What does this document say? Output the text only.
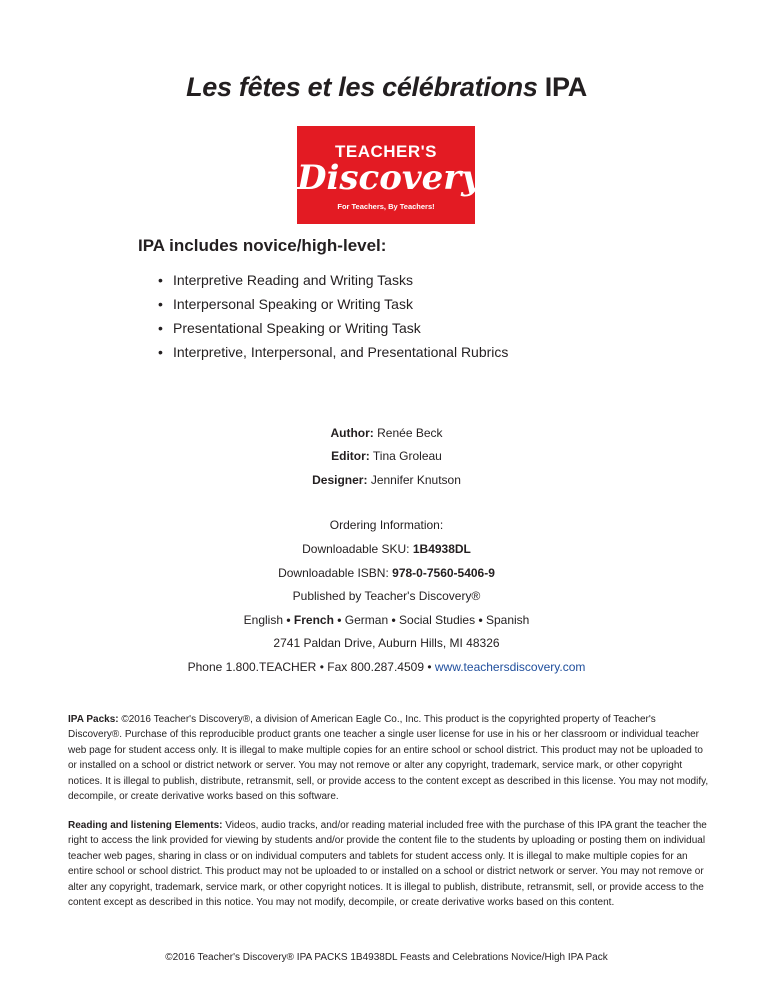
Les fêtes et les célébrations IPA
TEACHER'S
Discovery
For Teachers, By Teachers!
IPA includes novice/high-level:
• Interpretive Reading and Writing Tasks
• Interpersonal Speaking or Writing Task
• Presentational Speaking or Writing Task
• Interpretive, Interpersonal, and Presentational Rubrics
Author: Renée Beck
Editor: Tina Groleau
Designer: Jennifer Knutson
Ordering Information:
Downloadable SKU: 1B4938DL
Downloadable ISBN: 978-0-7560-5406-9
Published by Teacher's Discovery®
English • French • German • Social Studies • Spanish
2741 Paldan Drive, Auburn Hills, MI 48326
Phone 1.800.TEACHER • Fax 800.287.4509 • www.teachersdiscovery.com
IPA Packs: ©2016 Teacher's Discovery®, a division of American Eagle Co., Inc. This product is the copyrighted property of Teacher's Discovery®. Purchase of this reproducible product grants one teacher a single user license for use in his or her classroom or individual teacher web page for student access only. It is illegal to make multiple copies for an entire school or school district. This product may not be uploaded to or installed on a school or district network or server. You may not remove or alter any copyright, trademark, service mark, or other copyright notices. It is illegal to publish, distribute, retransmit, sell, or provide access to the content except as described in this license. You may not modify, decompile, or create derivative works based on this software.
Reading and listening Elements: Videos, audio tracks, and/or reading material included free with the purchase of this IPA grant the teacher the right to access the link provided for viewing by students and/or provide the content file to the students by uploading or posting them on individual teacher web pages, sharing in class or on individual computers and tablets for student access only. It is illegal to make multiple copies for an entire school or school district. This product may not be uploaded to or installed on a school or district network or server. You may not remove or alter any copyright, trademark, service mark, or other copyright notices. It is illegal to publish, distribute, retransmit, sell, or provide access to the content except as described in this notice. You may not modify, decompile, or create derivative works based on this content.
©2016 Teacher's Discovery® IPA PACKS 1B4938DL Feasts and Celebrations Novice/High IPA Pack
